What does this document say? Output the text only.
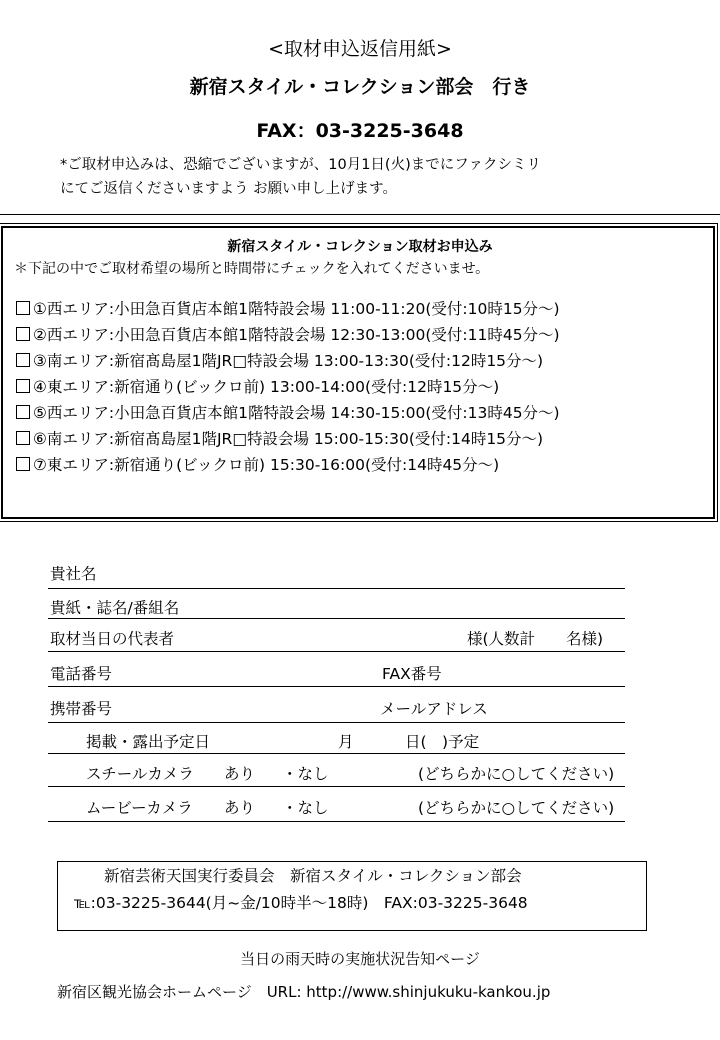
<取材申込返信用紙>
新宿スタイル・コレクション部会　行き
FAX：03-3225-3648
*ご取材申込みは、恐縮でございますが、10月1日(火)までにファクシミリ
にてご返信くださいますよう お願い申し上げます。
新宿スタイル・コレクション取材お申込み
＊下記の中でご取材希望の場所と時間帯にチェックを入れてくださいませ。
①西エリア:小田急百貨店本館1階特設会場 11:00-11:20(受付:10時15分～)
②西エリア:小田急百貨店本館1階特設会場 12:30-13:00(受付:11時45分～)
③南エリア:新宿髙島屋1階JR□特設会場 13:00-13:30(受付:12時15分～)
④東エリア:新宿通り(ビックロ前) 13:00-14:00(受付:12時15分～)
⑤西エリア:小田急百貨店本館1階特設会場 14:30-15:00(受付:13時45分～)
⑥南エリア:新宿髙島屋1階JR□特設会場 15:00-15:30(受付:14時15分～)
⑦東エリア:新宿通り(ビックロ前) 15:30-16:00(受付:14時45分～)
貴社名
貴紙・誌名/番組名
取材当日の代表者	様(人数計　　名様)
電話番号	FAX番号
携帯番号	メールアドレス
掲載・露出予定日	月	日(　)予定
スチールカメラ あり ・なし	(どちらかに○してください)
ムービーカメラ あり ・なし	(どちらかに○してください)
新宿芸術天国実行委員会　新宿スタイル・コレクション部会
℡:03-3225-3644(月~金/10時半～18時)　FAX:03-3225-3648
当日の雨天時の実施状況告知ページ
新宿区観光協会ホームページ　URL: http://www.shinjukuku-kankou.jp
